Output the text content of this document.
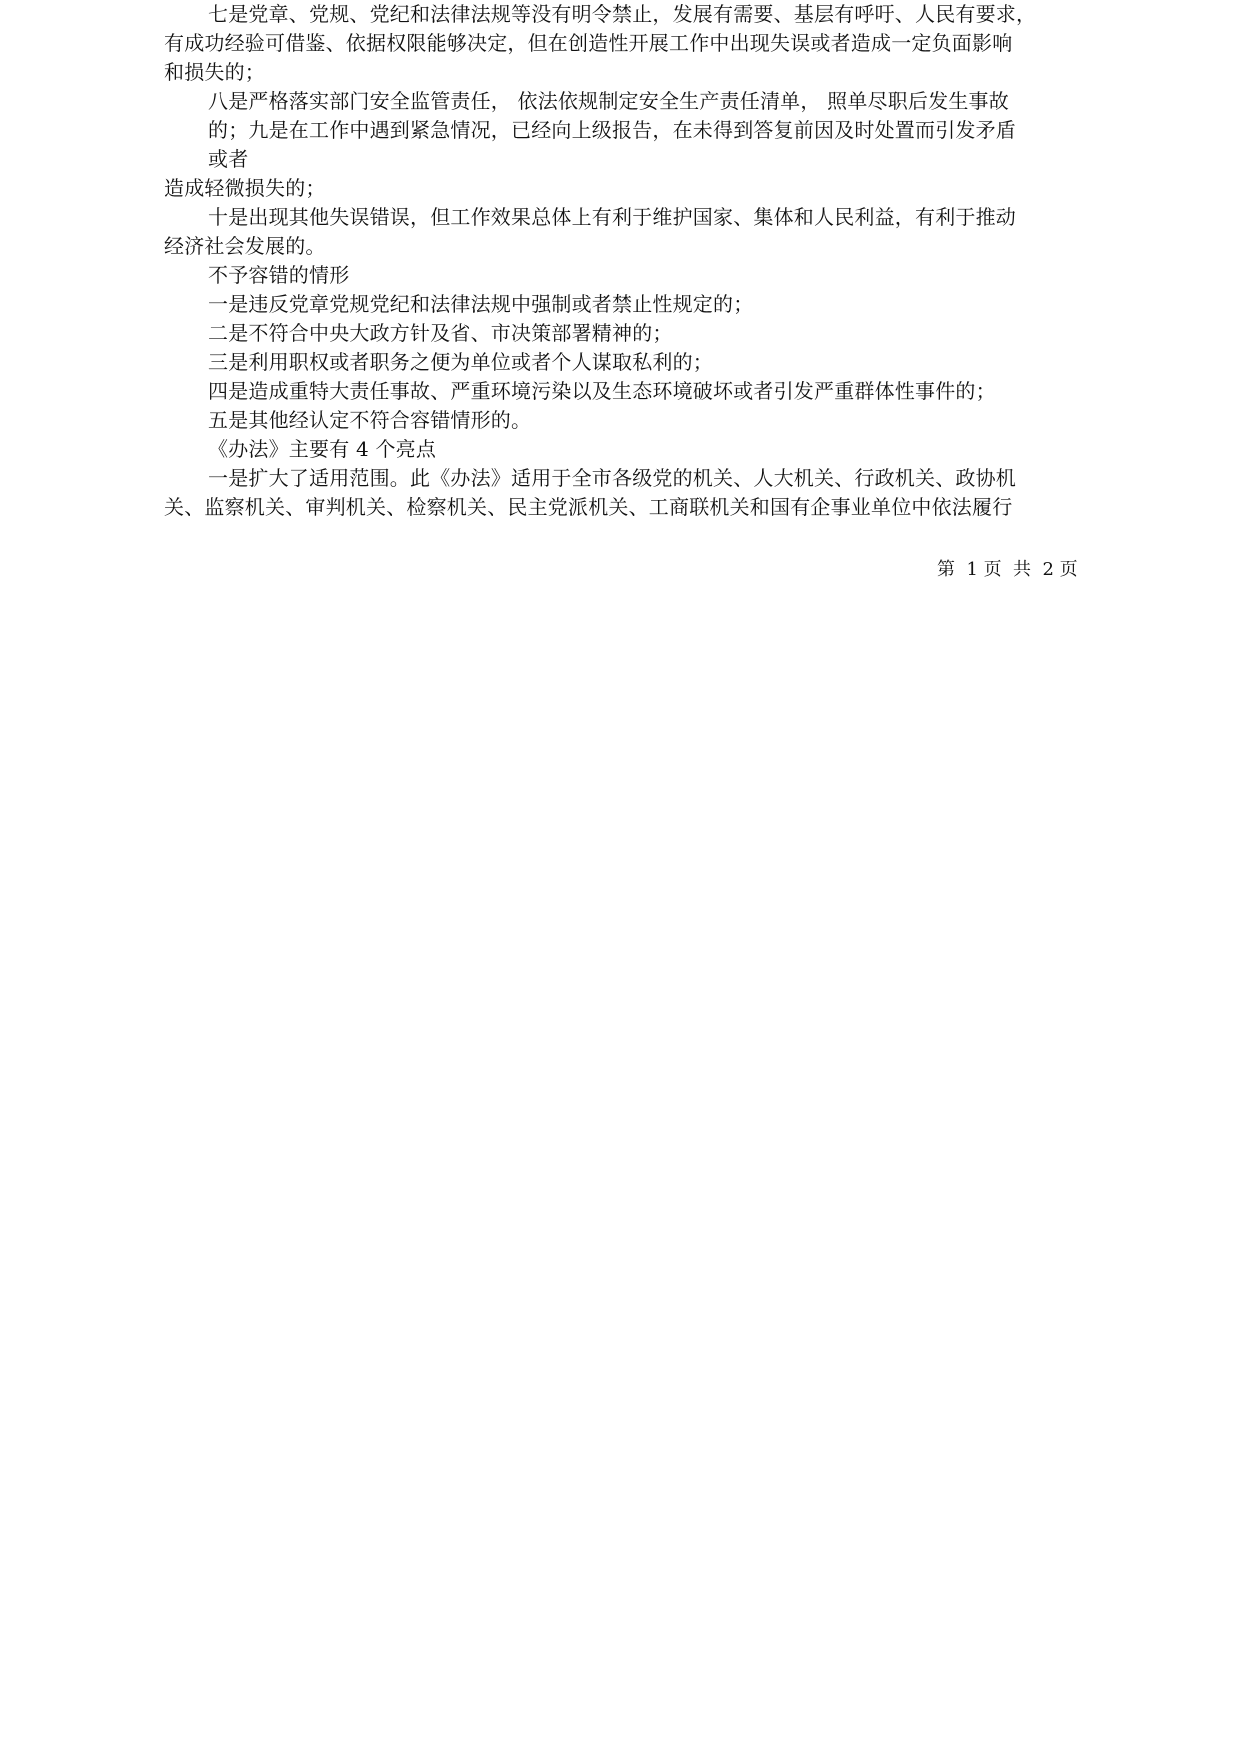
七是党章、党规、党纪和法律法规等没有明令禁止，发展有需要、基层有呼吁、人民有要求，
有成功经验可借鉴、依据权限能够决定，但在创造性开展工作中出现失误或者造成一定负面影响
和损失的；
八是严格落实部门安全监管责任， 依法依规制定安全生产责任清单， 照单尽职后发生事故
的；九是在工作中遇到紧急情况，已经向上级报告，在未得到答复前因及时处置而引发矛盾
或者
造成轻微损失的；
十是出现其他失误错误，但工作效果总体上有利于维护国家、集体和人民利益，有利于推动
经济社会发展的。
不予容错的情形
一是违反党章党规党纪和法律法规中强制或者禁止性规定的；
二是不符合中央大政方针及省、市决策部署精神的；
三是利用职权或者职务之便为单位或者个人谋取私利的；
四是造成重特大责任事故、严重环境污染以及生态环境破坏或者引发严重群体性事件的；
五是其他经认定不符合容错情形的。
《办法》主要有 4 个亮点
一是扩大了适用范围。此《办法》适用于全市各级党的机关、人大机关、行政机关、政协机
关、监察机关、审判机关、检察机关、民主党派机关、工商联机关和国有企事业单位中依法履行
第  1 页  共  2 页
